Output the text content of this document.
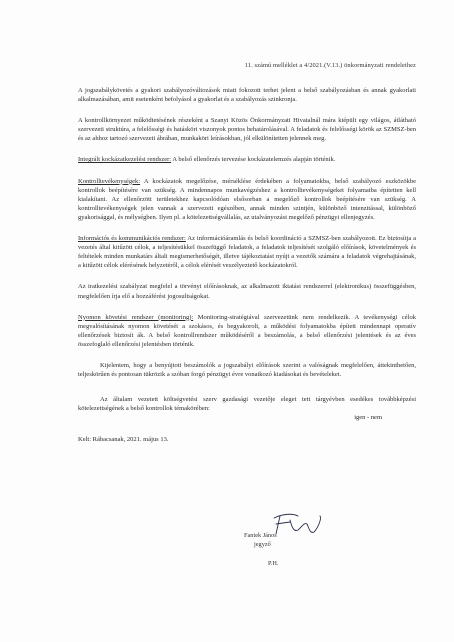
11. számú melléklet a 4/2021.(V.13.) önkormányzati rendelethez

A jogszabálykövetés a gyakori szabályozóváltozások miatt fokozott terhet jelent a belső szabályozásban és annak gyakorlati alkalmazásában, amit esetenként befolyásol a gyakorlat és a szabályozás szinkronja.

A kontrollkörnyezet működtetésének részeként a Szanyi Közös Önkormányzati Hivatalnál mára kiépült egy világos, átlátható szervezeti struktúra, a felelősségi és hatásköri viszonyok pontos behatárolásával. A feladatok és felelősségi körök az SZMSZ-ben és az ahhoz tartozó szervezeti ábrában, munkaköri leírásokban, jól elkülönítetten jelennek meg.

Integrált kockázatkezelési rendszer: A belső ellenőrzés tervezése kockázatelemzés alapján történik.

Kontrolltevékenységek: A kockázatok megelőzése, mérséklése érdekében a folyamatokba, belső szabályozó eszközökbe kontrollok beépítésére van szükség. A mindennapos munkavégzéshez a kontrolltevékenységeket folyamatba építetten kell kialakítani. Az ellenőrzött területekhez kapcsolódóan elsősorban a megelőző kontrollok beépítésére van szükség. A kontrolltevékenységek jelen vannak a szervezeti egészében, annak minden szintjén, különböző intenzitással, különböző gyakorisággal, és mélységben. Ilyen pl. a kötelezettségvállalás, az utalványozást megelőző pénzügyi ellenjegyzés.

Információs és kommunikációs rendszer: Az információáramlás és belső koordináció a SZMSZ-ben szabályozott. Ez biztosítja a vezetés által kitűzött célok, a teljesítésükkel összefüggő feladatok, a feladatok teljesítését szolgáló előírások, követelmények és feltételek minden munkatárs általi megismerhetőségét, illetve tájékoztatást nyújt a vezetők számára a feladatok végrehajtásának, a kitűzött célok elérésének helyzetéről, a célok elérését veszélyeztető kockázatokról.

Az iratkezelési szabályzat megfelel a törvényi előírásoknak, az alkalmazott iktatási rendszerrel (elektronikus) összefüggésben, megfelelően írja elő a hozzáférési jogosultságokat.

Nyomon követési rendszer (monitoring): Monitoring-stratégiával szervezetünk nem rendelkezik. A tevékenységi célok megvalósításának nyomon követését a szokásos, és begyakorolt, a működési folyamatokba épített mindennapi operatív ellenőrzések biztosít ák. A belső kontrollrendszer működéséről a beszámolás, a belső ellenőrzési jelentések és az éves összefoglaló ellenőrzési jelentésben történik.

Kijelentem, hogy a benyújtott beszámolók a jogszabályi előírások szerint a valóságnak megfelelően, áttekinthetően, teljeskörűen és pontosan tükrözik a szóban forgó pénzügyi évre vonatkozó kiadásokat és bevételeket.

Az általam vezetett költségvetési szerv gazdasági vezetője eleget tett tárgyévben esedékes továbbképzési kötelezettségének a belső kontrollok témakörében:

igen - nem
Kelt: Rábacsanak, 2021. május 13.
Fantek János
jegyző
P.H.
